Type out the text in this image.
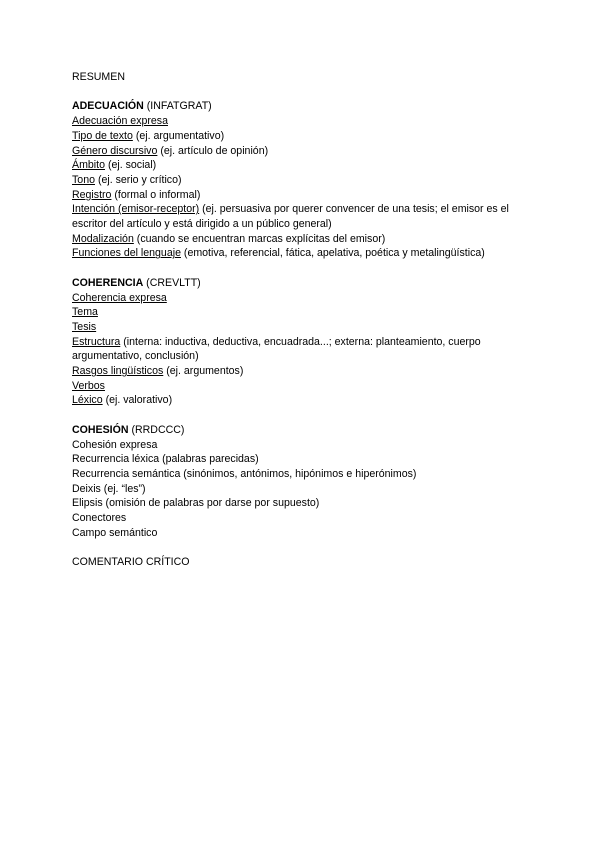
RESUMEN

ADECUACIÓN (INFATGRAT)

Adecuación expresa

Tipo de texto (ej. argumentativo)

Género discursivo (ej. artículo de opinión)

Ámbito (ej. social)

Tono (ej. serio y crítico)

Registro (formal o informal)

Intención (emisor-receptor) (ej. persuasiva por querer convencer de una tesis; el emisor es el escritor del artículo y está dirigido a un público general)

Modalización (cuando se encuentran marcas explícitas del emisor)

Funciones del lenguaje (emotiva, referencial, fática, apelativa, poética y metalingüística)

COHERENCIA (CREVLTT)

Coherencia expresa

Tema

Tesis

Estructura (interna: inductiva, deductiva, encuadrada...; externa: planteamiento, cuerpo argumentativo, conclusión)

Rasgos lingüísticos (ej. argumentos)

Verbos

Léxico (ej. valorativo)

COHESIÓN (RRDCCC)

Cohesión expresa

Recurrencia léxica (palabras parecidas)

Recurrencia semántica (sinónimos, antónimos, hipónimos e hiperónimos)

Deixis (ej. “les”)

Elipsis (omisión de palabras por darse por supuesto)

Conectores

Campo semántico

COMENTARIO CRÍTICO
